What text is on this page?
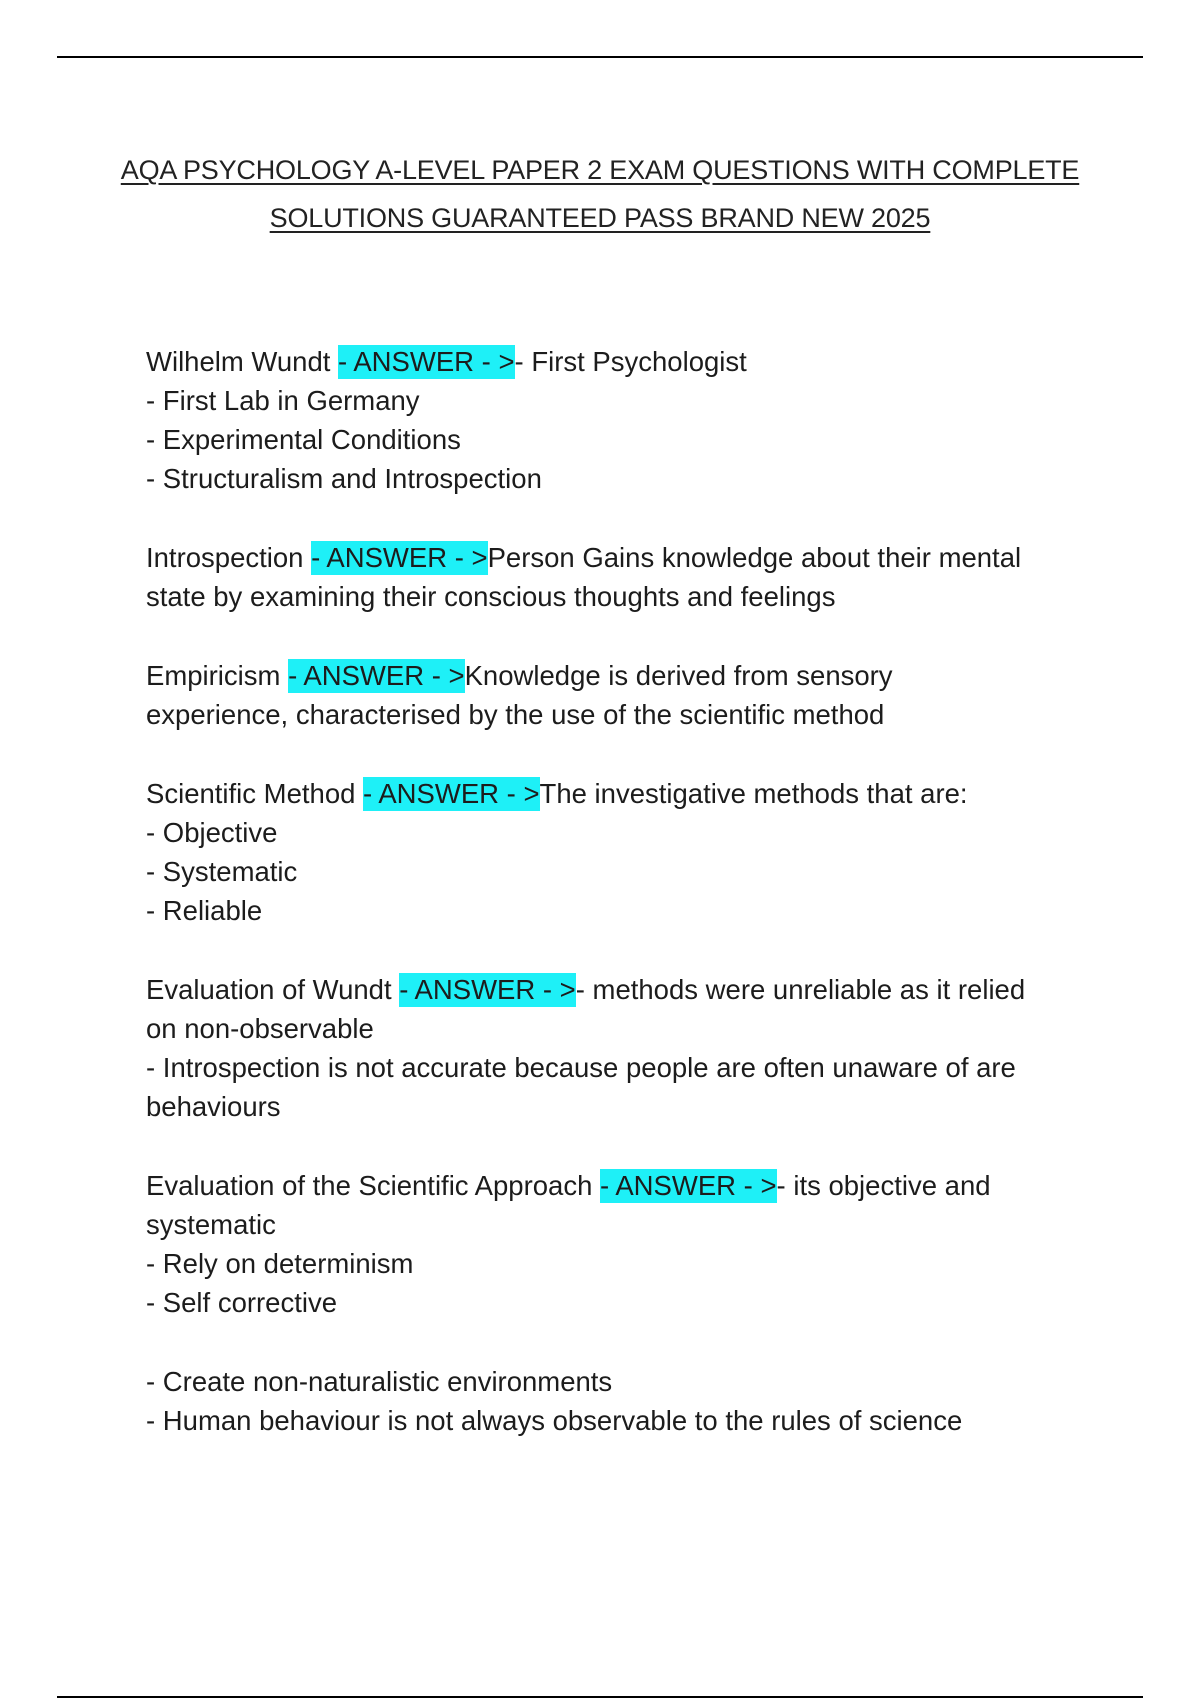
AQA PSYCHOLOGY A-LEVEL PAPER 2 EXAM QUESTIONS WITH COMPLETE
SOLUTIONS GUARANTEED PASS BRAND NEW 2025
Wilhelm Wundt - ANSWER - >- First Psychologist
- First Lab in Germany
- Experimental Conditions
- Structuralism and Introspection
Introspection - ANSWER - >Person Gains knowledge about their mental
state by examining their conscious thoughts and feelings
Empiricism - ANSWER - >Knowledge is derived from sensory
experience, characterised by the use of the scientific method
Scientific Method - ANSWER - >The investigative methods that are:
- Objective
- Systematic
- Reliable
Evaluation of Wundt - ANSWER - >- methods were unreliable as it relied
on non-observable
- Introspection is not accurate because people are often unaware of are
behaviours
Evaluation of the Scientific Approach - ANSWER - >- its objective and
systematic
- Rely on determinism
- Self corrective
- Create non-naturalistic environments
- Human behaviour is not always observable to the rules of science
